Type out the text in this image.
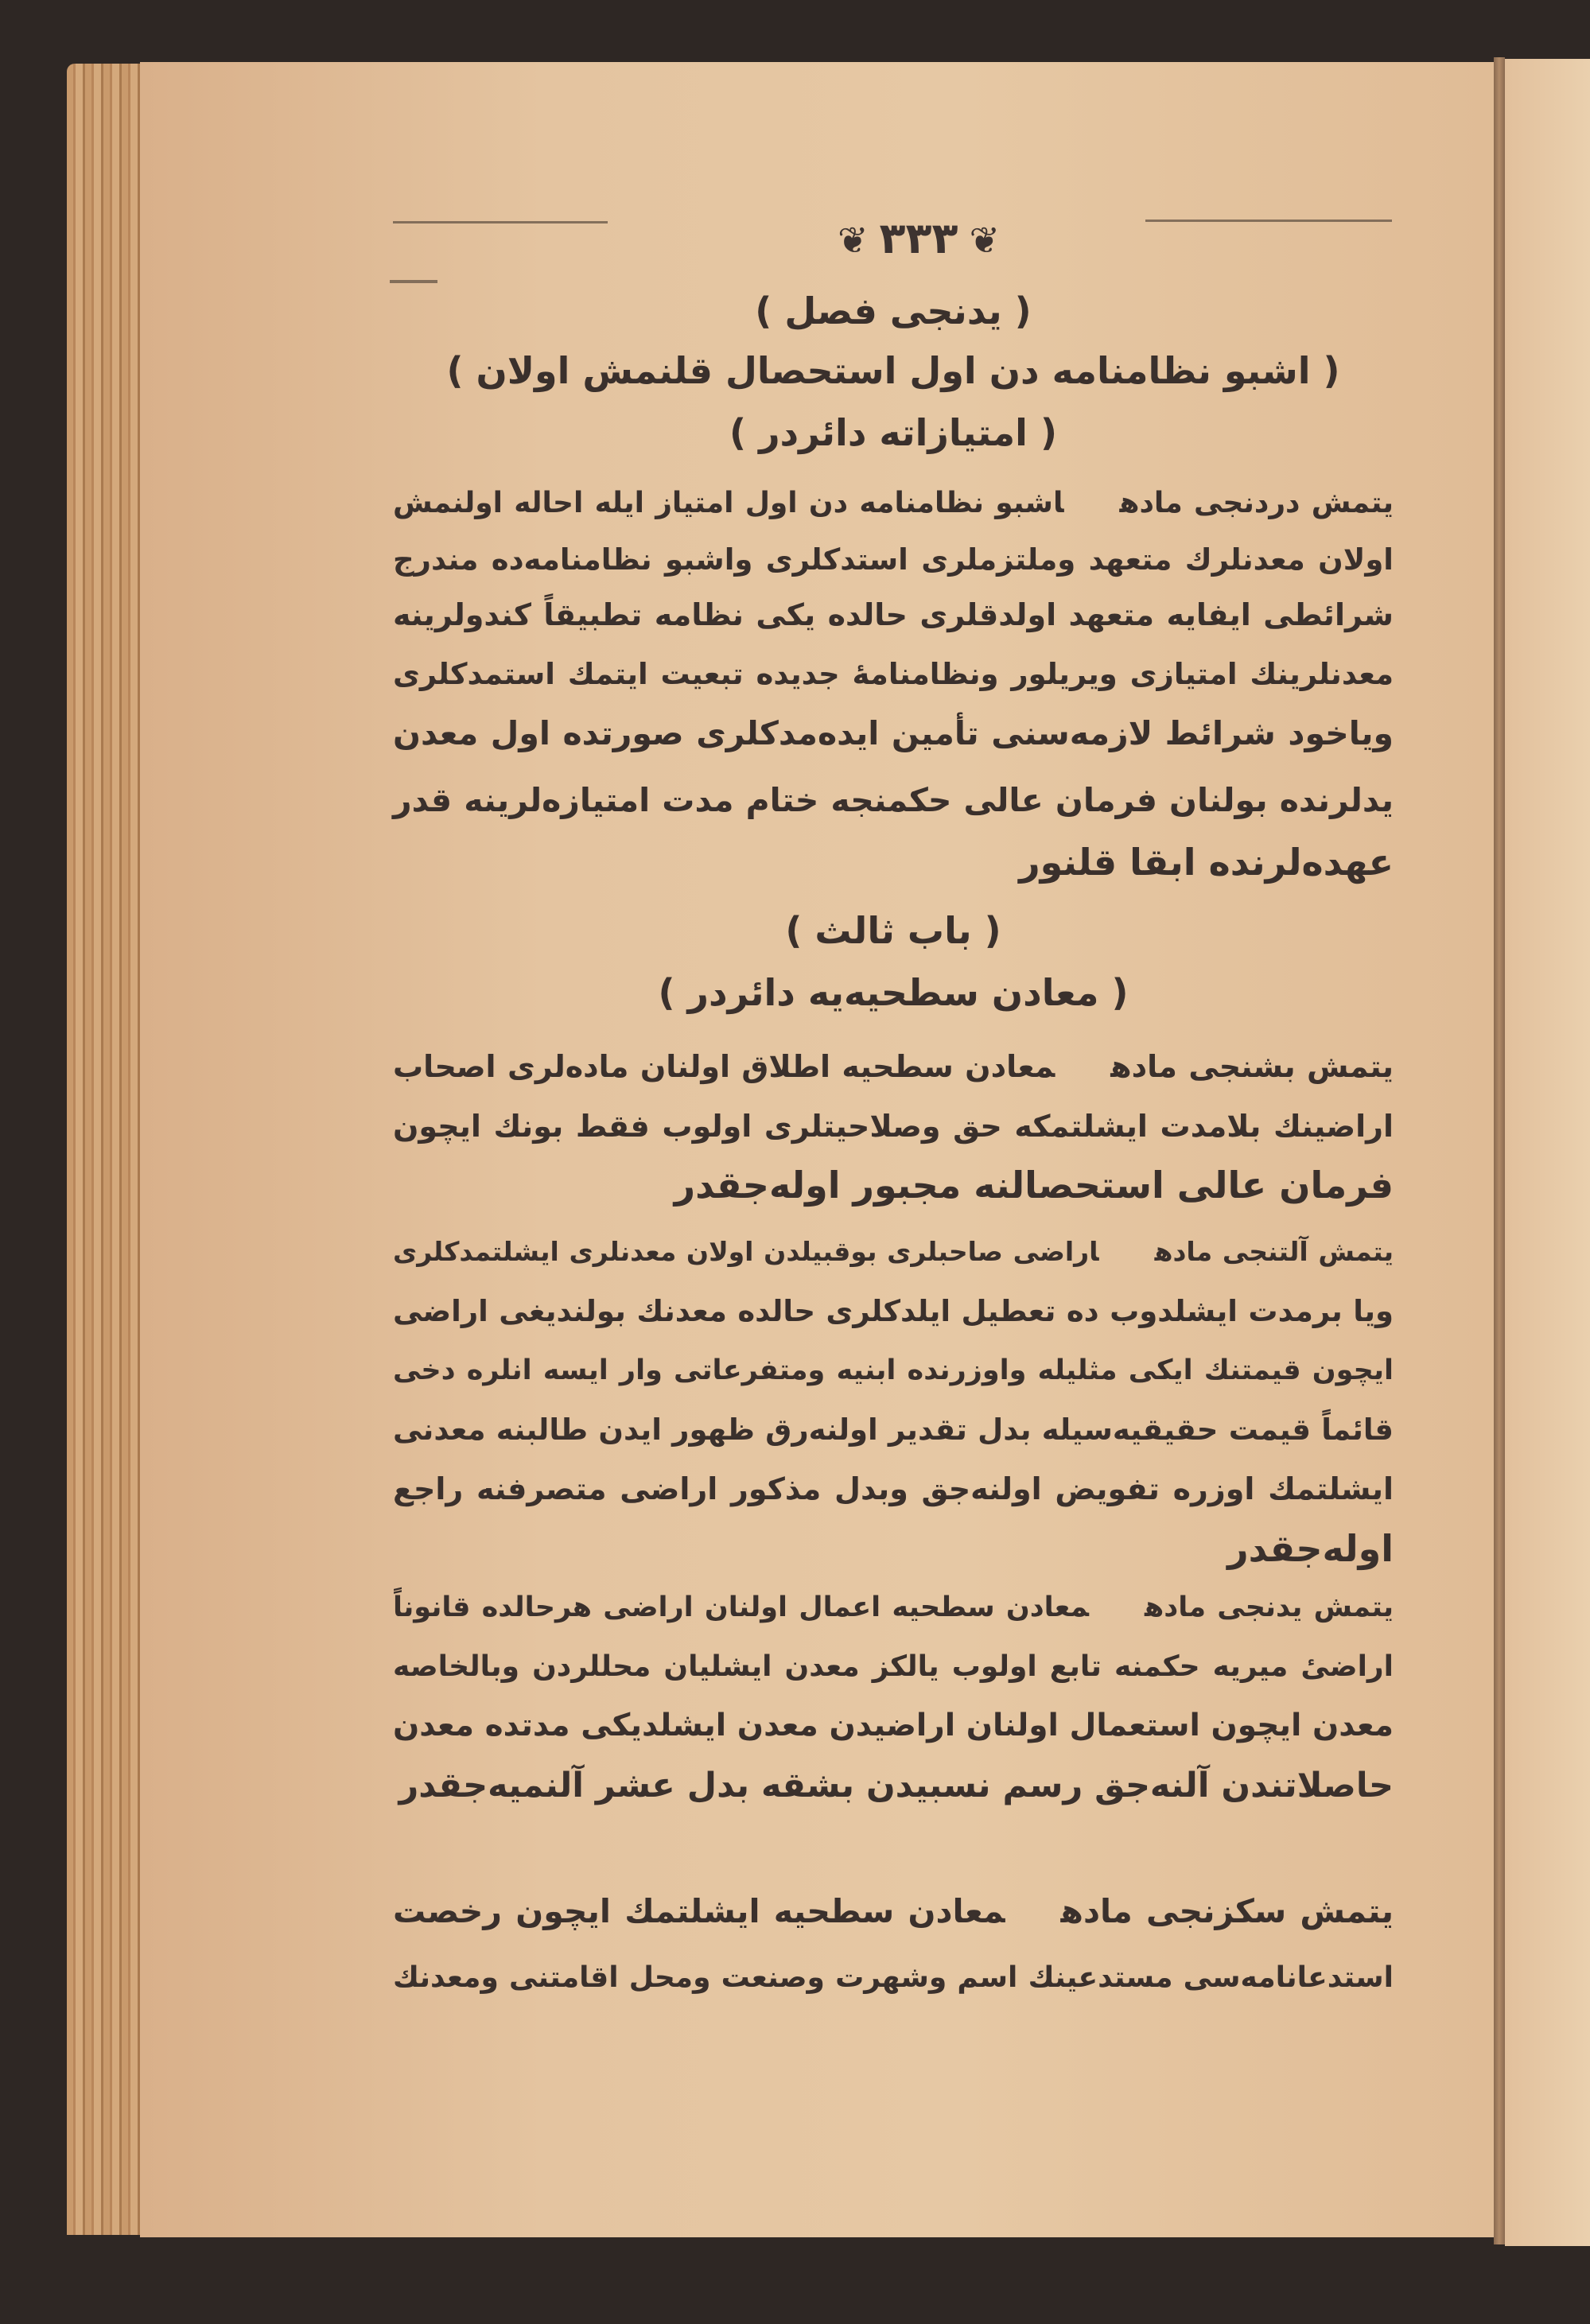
❦ ٣٣٣ ❦
( يدنجی فصل )
( اشبو نظامنامه دن اول استحصال قلنمش اولان )
( امتيازاته دائردر )
( باب ثالث )
( معادن سطحيه‌يه دائردر )
يتمش دردنجی مادهاشبو نظامنامه دن اول امتياز ايله احاله اولنمش
اولان معدنلرك متعهد وملتزملری استدکلری واشبو نظامنامه‌ده مندرج
شرائطی ايفايه متعهد اولدقلری حالده يکی نظامه تطبيقاً کندولرينه
معدنلرينك امتيازی ويريلور ونظامنامهٔ جديده تبعيت ايتمك استمدکلری
وياخود شرائط لازمه‌سنی تأمين ايده‌مدکلری صورتده اول معدن
يدلرنده بولنان فرمان عالی حکمنجه ختام مدت امتيازه‌لرينه قدر
عهده‌لرنده ابقا قلنور
يتمش بشنجی مادهمعادن سطحيه اطلاق اولنان ماده‌لری اصحاب
اراضينك بلامدت ايشلتمکه حق وصلاحيتلری اولوب فقط بونك ايچون
فرمان عالی استحصالنه مجبور اوله‌جقدر
يتمش آلتنجی مادهاراضی صاحبلری بوقبيلدن اولان معدنلری ايشلتمدکلری
ويا برمدت ايشلدوب ده تعطيل ايلدکلری حالده معدنك بولنديغی اراضی
ايچون قيمتنك ايکی مثليله واوزرنده ابنيه ومتفرعاتی وار ايسه انلره دخی
قائماً قيمت حقيقيه‌سيله بدل تقدير اولنه‌رق ظهور ايدن طالبنه معدنی
ايشلتمك اوزره تفويض اولنه‌جق وبدل مذکور اراضی متصرفنه راجع
اوله‌جقدر
يتمش يدنجی مادهمعادن سطحيه اعمال اولنان اراضی هرحالده قانوناً
اراضیٔ ميريه حکمنه تابع اولوب يالکز معدن ايشليان محللردن وبالخاصه
معدن ايچون استعمال اولنان اراضيدن معدن ايشلديکی مدتده معدن
حاصلاتندن آلنه‌جق رسم نسبيدن بشقه بدل عشر آلنميه‌جقدر
يتمش سکزنجی مادهمعادن سطحيه ايشلتمك ايچون رخصت
استدعانامه‌سی مستدعينك اسم وشهرت وصنعت ومحل اقامتنی ومعدنك
